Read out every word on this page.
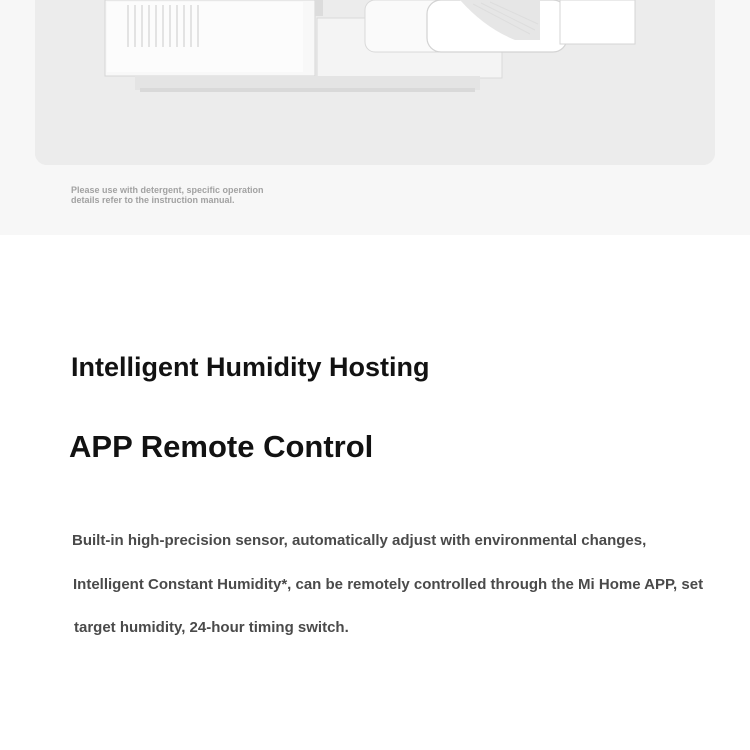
Please use with detergent, specific operation
details refer to the instruction manual.
Intelligent Humidity Hosting
APP Remote Control

Built-in high-precision sensor, automatically adjust with environmental changes,

Intelligent Constant Humidity*, can be remotely controlled through the Mi Home APP, set

target humidity, 24-hour timing switch.
